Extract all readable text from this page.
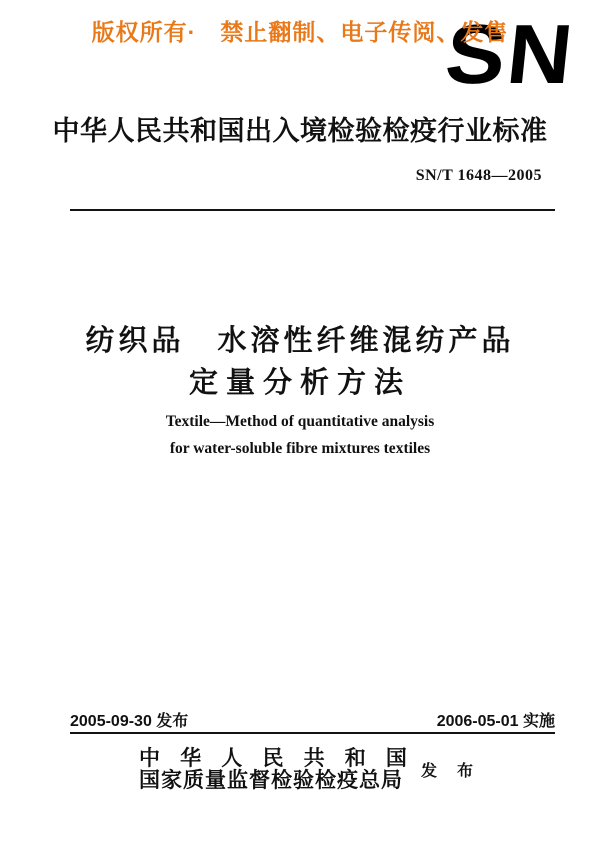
版权所有·　禁止翻制、电子传阅、发售
SN
中华人民共和国出入境检验检疫行业标准
SN/T 1648—2005
纺织品　水溶性纤维混纺产品
定量分析方法
Textile—Method of quantitative analysis
for water-soluble fibre mixtures textiles
2005-09-30 发布	2006-05-01 实施
中 华 人 民 共 和 国
国家质量监督检验检疫总局 发 布
